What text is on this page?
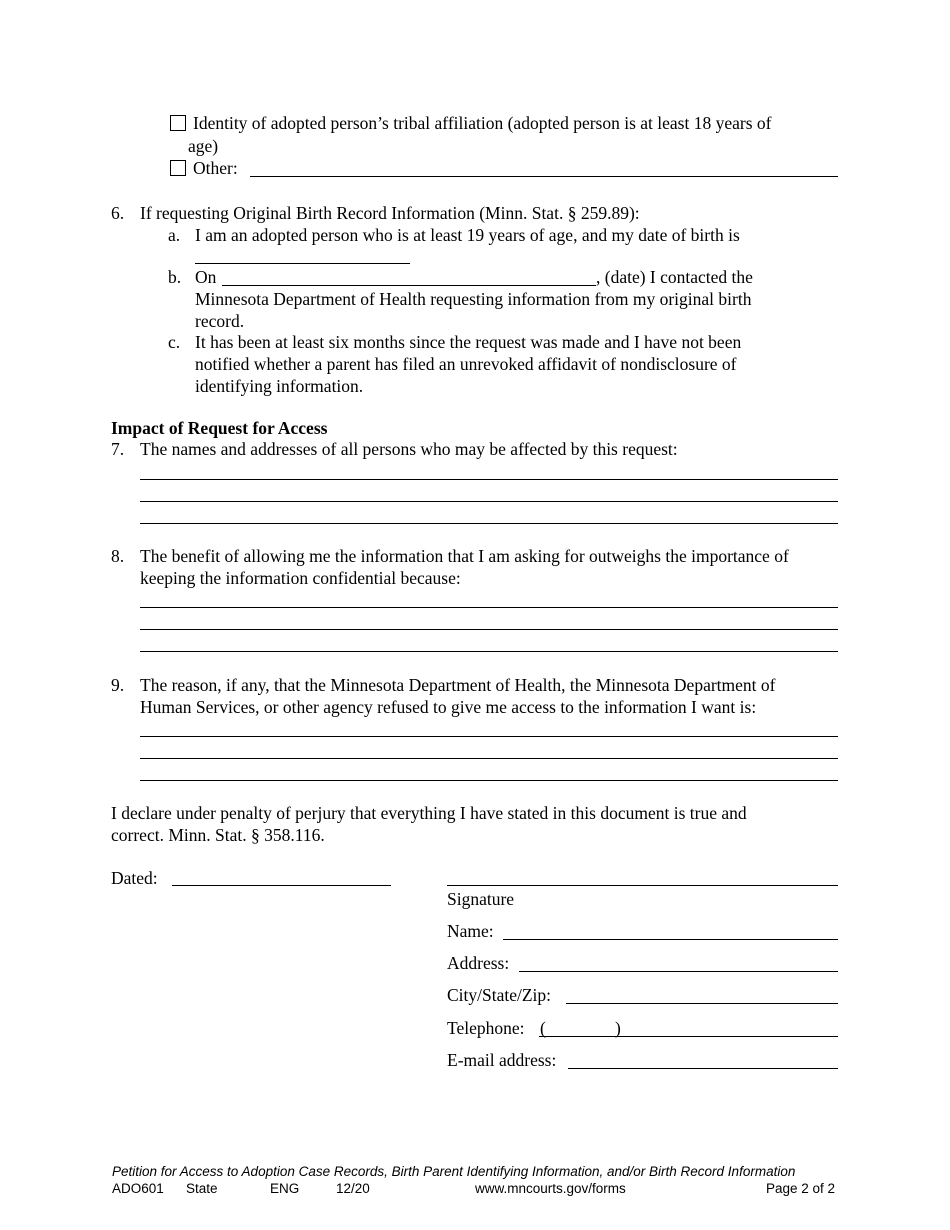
Identity of adopted person’s tribal affiliation (adopted person is at least 18 years of
age)
Other:
6. If requesting Original Birth Record Information (Minn. Stat. § 259.89):
a. I am an adopted person who is at least 19 years of age, and my date of birth is
b. On	, (date) I contacted the
Minnesota Department of Health requesting information from my original birth
record.
c. It has been at least six months since the request was made and I have not been
notified whether a parent has filed an unrevoked affidavit of nondisclosure of
identifying information.
Impact of Request for Access
7. The names and addresses of all persons who may be affected by this request:
8. The benefit of allowing me the information that I am asking for outweighs the importance of
keeping the information confidential because:
9. The reason, if any, that the Minnesota Department of Health, the Minnesota Department of
Human Services, or other agency refused to give me access to the information I want is:
I declare under penalty of perjury that everything I have stated in this document is true and
correct. Minn. Stat. § 358.116.
Dated:
Signature
Name:
Address:
City/State/Zip:
Telephone: (	)
E-mail address:
Petition for Access to Adoption Case Records, Birth Parent Identifying Information, and/or Birth Record Information
ADO601 State	ENG	12/20	www.mncourts.gov/forms	Page 2 of 2
